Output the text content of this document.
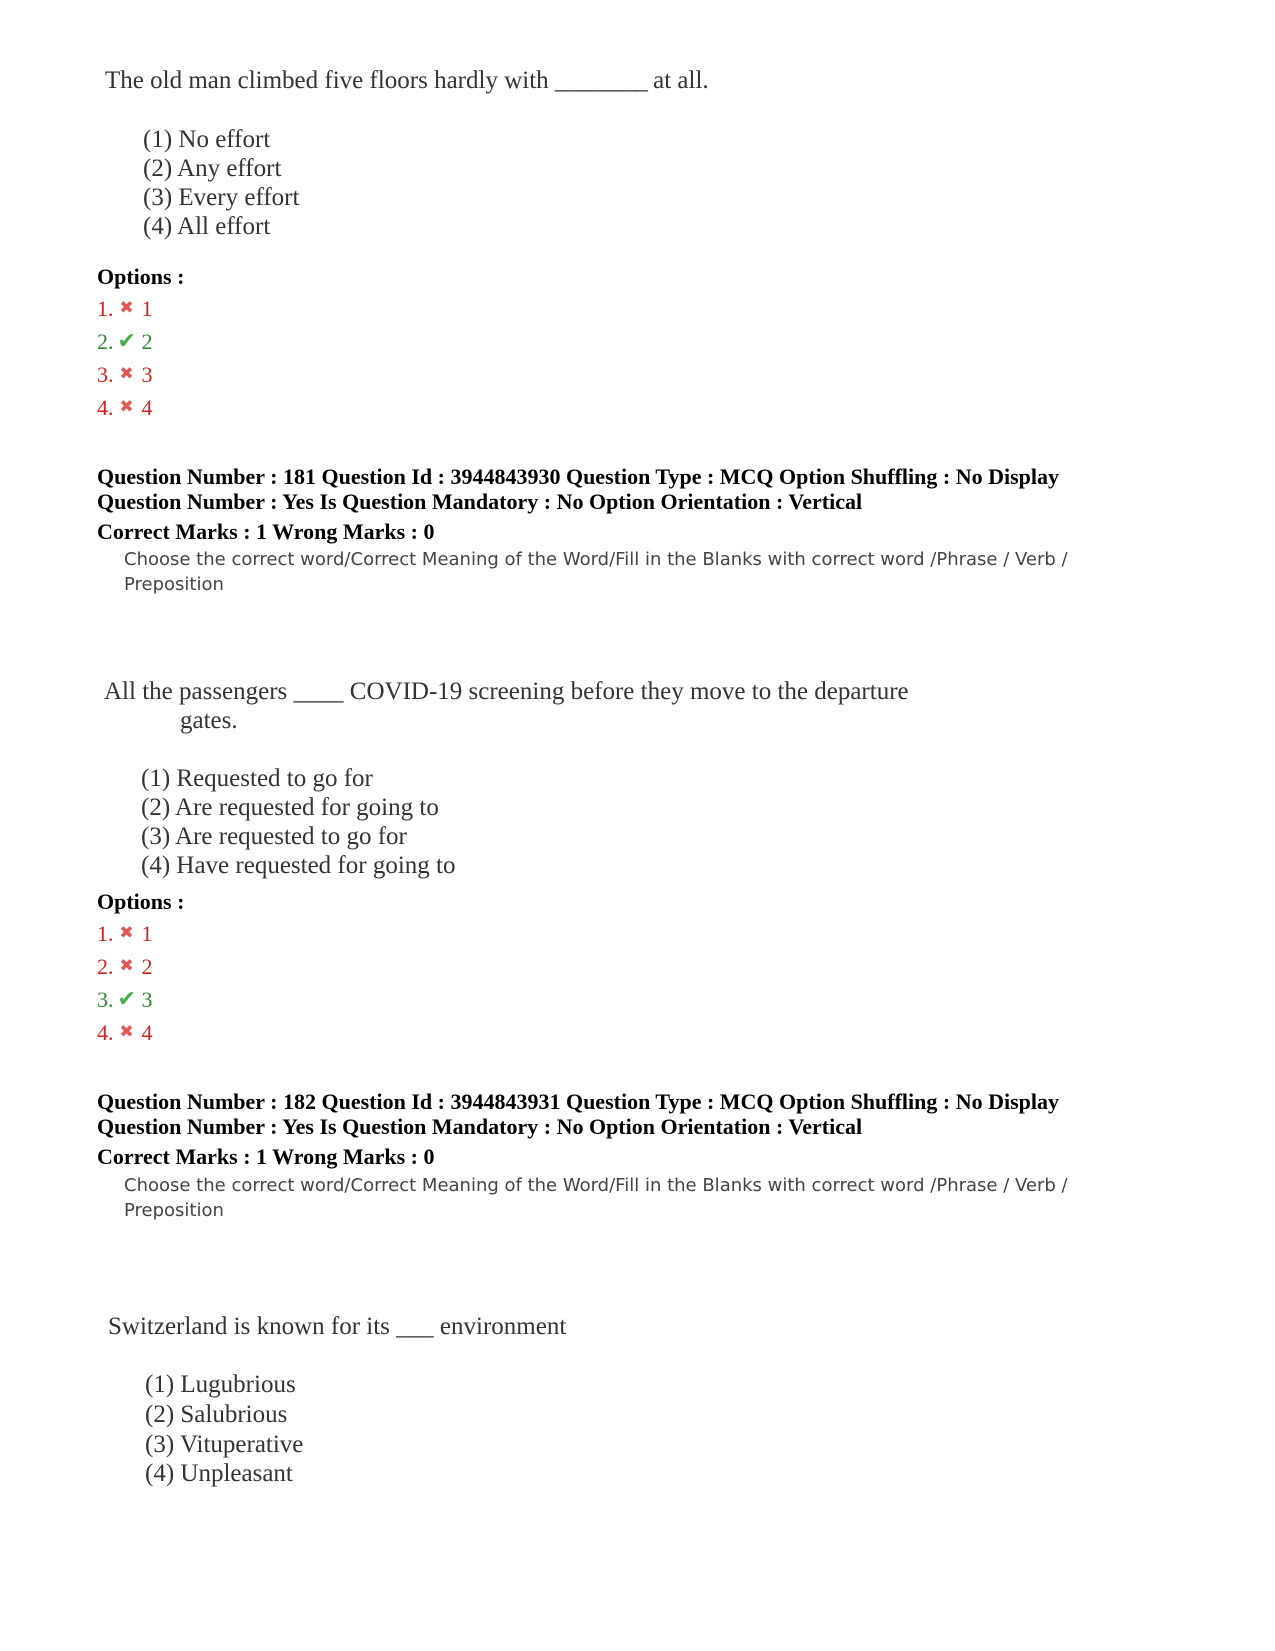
The old man climbed five floors hardly with ________ at all.
(1) No effort
(2) Any effort
(3) Every effort
(4) All effort
Options :
1. ✖ 1
2. ✔ 2
3. ✖ 3
4. ✖ 4
Question Number : 181 Question Id : 3944843930 Question Type : MCQ Option Shuffling : No Display
Question Number : Yes Is Question Mandatory : No Option Orientation : Vertical
Correct Marks : 1 Wrong Marks : 0
Choose the correct word/Correct Meaning of the Word/Fill in the Blanks with correct word /Phrase / Verb /
Preposition
All the passengers ____ COVID-19 screening before they move to the departure
gates.
(1) Requested to go for
(2) Are requested for going to
(3) Are requested to go for
(4) Have requested for going to
Options :
1. ✖ 1
2. ✖ 2
3. ✔ 3
4. ✖ 4
Question Number : 182 Question Id : 3944843931 Question Type : MCQ Option Shuffling : No Display
Question Number : Yes Is Question Mandatory : No Option Orientation : Vertical
Correct Marks : 1 Wrong Marks : 0
Choose the correct word/Correct Meaning of the Word/Fill in the Blanks with correct word /Phrase / Verb /
Preposition
Switzerland is known for its ___ environment
(1) Lugubrious
(2) Salubrious
(3) Vituperative
(4) Unpleasant
